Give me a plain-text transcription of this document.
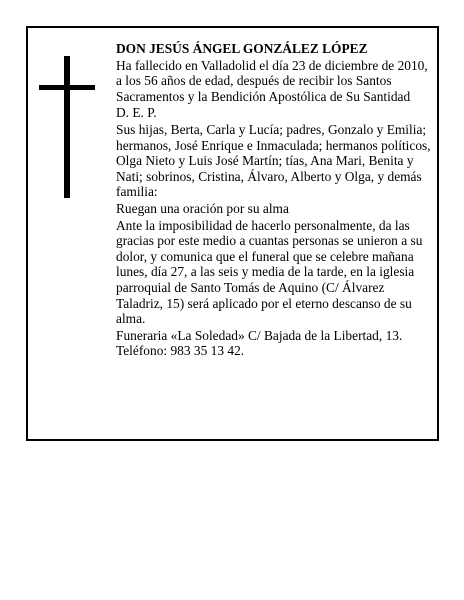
DON JESÚS ÁNGEL GONZÁLEZ LÓPEZ

Ha fallecido en Valladolid el día 23 de diciembre de 2010, a los 56 años de edad, después de recibir los Santos Sacramentos y la Bendición Apostólica de Su Santidad

D. E. P.

Sus hijas, Berta, Carla y Lucía; padres, Gonzalo y Emilia; hermanos, José Enrique e Inmaculada; hermanos políticos, Olga Nieto y Luis José Martín; tías, Ana Mari, Benita y Nati; sobrinos, Cristina, Álvaro, Alberto y Olga, y demás familia:

Ruegan una oración por su alma

Ante la imposibilidad de hacerlo personalmente, da las gracias por este medio a cuantas personas se unieron a su dolor, y comunica que el funeral que se celebre mañana lunes, día 27, a las seis y media de la tarde, en la iglesia parroquial de Santo Tomás de Aquino (C/ Álvarez Taladriz, 15) será aplicado por el eterno descanso de su alma.

Funeraria «La Soledad» C/ Bajada de la Libertad, 13. Teléfono: 983 35 13 42.
